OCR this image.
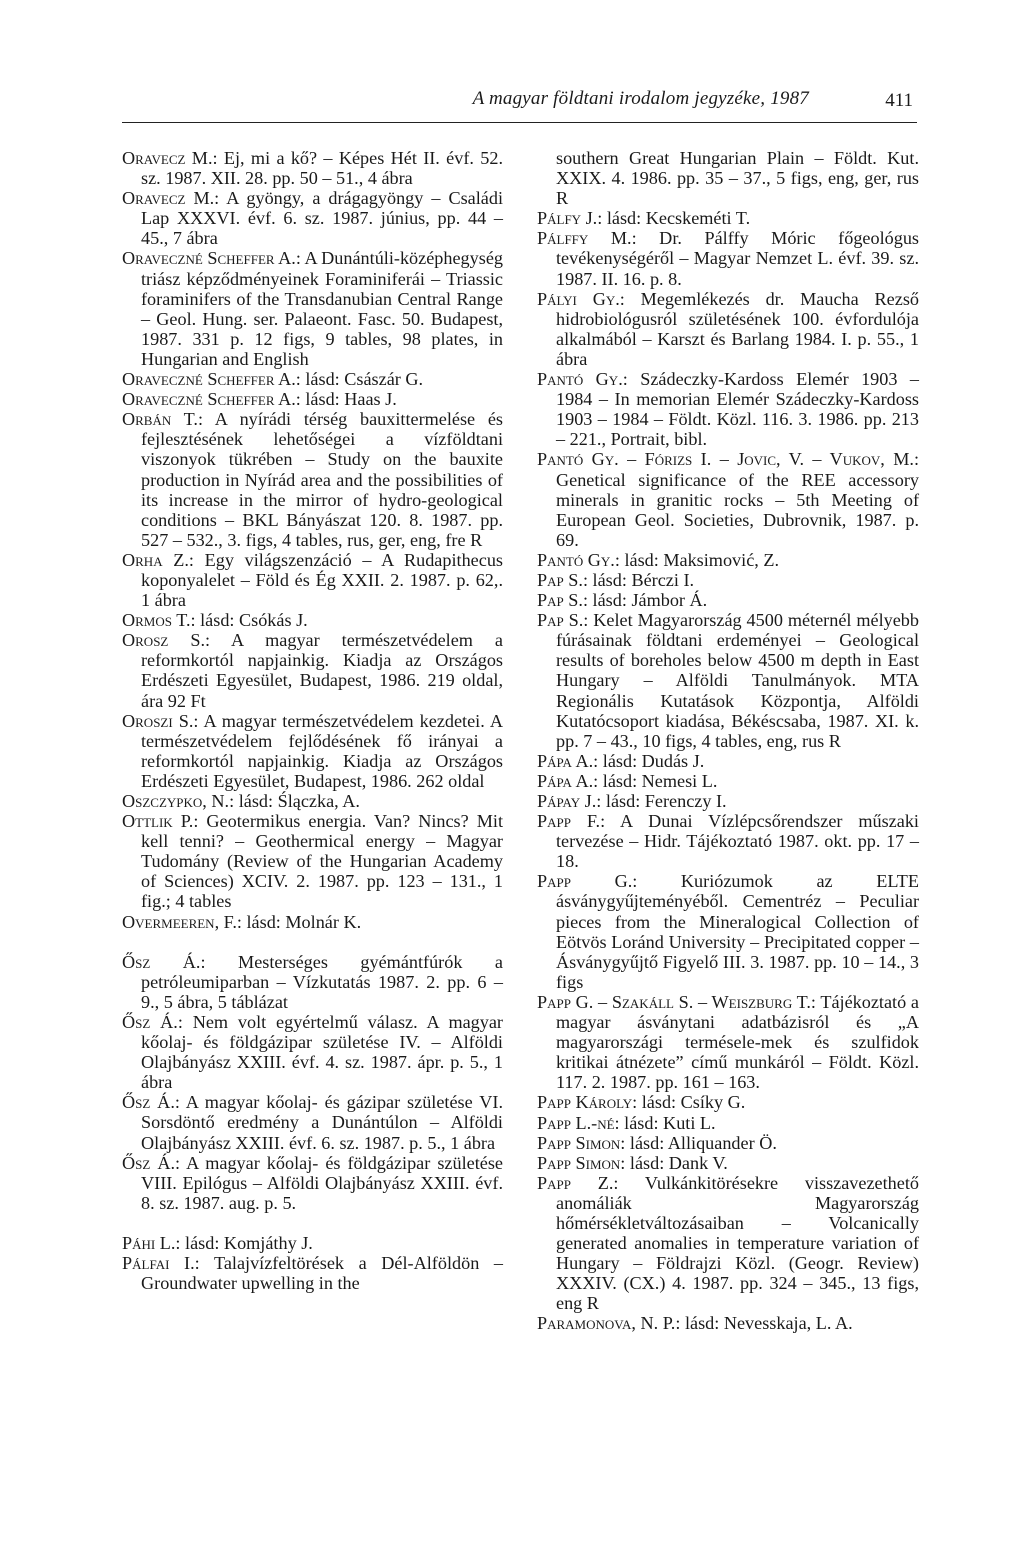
A magyar földtani irodalom jegyzéke, 1987	411
Oravecz M.: Ej, mi a kő? – Képes Hét II. évf. 52. sz. 1987. XII. 28. pp. 50 – 51., 4 ábra
Oravecz M.: A gyöngy, a drágagyöngy – Családi Lap XXXVI. évf. 6. sz. 1987. június, pp. 44 – 45., 7 ábra
Oraveczné Scheffer A.: A Dunántúli-középhegység triász képződményeinek Foraminiferái – Triassic foraminifers of the Transdanubian Central Range – Geol. Hung. ser. Palaeont. Fasc. 50. Budapest, 1987. 331 p. 12 figs, 9 tables, 98 plates, in Hungarian and English
Oraveczné Scheffer A.: lásd: Császár G.
Oraveczné Scheffer A.: lásd: Haas J.
Orbán T.: A nyírádi térség bauxittermelése és fejlesztésének lehetőségei a vízföldtani viszonyok tükrében – Study on the bauxite production in Nyírád area and the possibilities of its increase in the mirror of hydro-geological conditions – BKL Bányászat 120. 8. 1987. pp. 527 – 532., 3. figs, 4 tables, rus, ger, eng, fre R
Orha Z.: Egy világszenzáció – A Rudapithecus koponyalelet – Föld és Ég XXII. 2. 1987. p. 62,. 1 ábra
Ormos T.: lásd: Csókás J.
Orosz S.: A magyar természetvédelem a reformkortól napjainkig. Kiadja az Országos Erdészeti Egyesület, Budapest, 1986. 219 oldal, ára 92 Ft
Oroszi S.: A magyar természetvédelem kezdetei. A természetvédelem fejlődésének fő irányai a reformkortól napjainkig. Kiadja az Országos Erdészeti Egyesület, Budapest, 1986. 262 oldal
Oszczypko, N.: lásd: Ślączka, A.
Ottlik P.: Geotermikus energia. Van? Nincs? Mit kell tenni? – Geothermical energy – Magyar Tudomány (Review of the Hungarian Academy of Sciences) XCIV. 2. 1987. pp. 123 – 131., 1 fig.; 4 tables
Overmeeren, F.: lásd: Molnár K.
Ősz Á.: Mesterséges gyémántfúrók a petróleumiparban – Vízkutatás 1987. 2. pp. 6 – 9., 5 ábra, 5 táblázat
Ősz Á.: Nem volt egyértelmű válasz. A magyar kőolaj- és földgázipar születése IV. – Alföldi Olajbányász XXIII. évf. 4. sz. 1987. ápr. p. 5., 1 ábra
Ősz Á.: A magyar kőolaj- és gázipar születése VI. Sorsdöntő eredmény a Dunántúlon – Alföldi Olajbányász XXIII. évf. 6. sz. 1987. p. 5., 1 ábra
Ősz Á.: A magyar kőolaj- és földgázipar születése VIII. Epilógus – Alföldi Olajbányász XXIII. évf. 8. sz. 1987. aug. p. 5.
Páhi L.: lásd: Komjáthy J.
Pálfai I.: Talajvízfeltörések a Dél-Alföldön – Groundwater upwelling in the
southern Great Hungarian Plain – Földt. Kut. XXIX. 4. 1986. pp. 35 – 37., 5 figs, eng, ger, rus R
Pálfy J.: lásd: Kecskeméti T.
Pálffy M.: Dr. Pálffy Móric főgeológus tevékenységéről – Magyar Nemzet L. évf. 39. sz. 1987. II. 16. p. 8.
Pályi Gy.: Megemlékezés dr. Maucha Rezső hidrobiológusról születésének 100. évfordulója alkalmából – Karszt és Barlang 1984. I. p. 55., 1 ábra
Pantó Gy.: Szádeczky-Kardoss Elemér 1903 – 1984 – In memorian Elemér Szádeczky-Kardoss 1903 – 1984 – Földt. Közl. 116. 3. 1986. pp. 213 – 221., Portrait, bibl.
Pantó Gy. – Fórizs I. – Jovic, V. – Vukov, M.: Genetical significance of the REE accessory minerals in granitic rocks – 5th Meeting of European Geol. Societies, Dubrovnik, 1987. p. 69.
Pantó Gy.: lásd: Maksimović, Z.
Pap S.: lásd: Bérczi I.
Pap S.: lásd: Jámbor Á.
Pap S.: Kelet Magyarország 4500 méternél mélyebb fúrásainak földtani erdeményei – Geological results of boreholes below 4500 m depth in East Hungary – Alföldi Tanulmányok. MTA Regionális Kutatások Központja, Alföldi Kutatócsoport kiadása, Békéscsaba, 1987. XI. k. pp. 7 – 43., 10 figs, 4 tables, eng, rus R
Pápa A.: lásd: Dudás J.
Pápa A.: lásd: Nemesi L.
Pápay J.: lásd: Ferenczy I.
Papp F.: A Dunai Vízlépcsőrendszer műszaki tervezése – Hidr. Tájékoztató 1987. okt. pp. 17 – 18.
Papp G.: Kuriózumok az ELTE ásványgyűjteményéből. Cementréz – Peculiar pieces from the Mineralogical Collection of Eötvös Loránd University – Precipitated copper – Ásványgyűjtő Figyelő III. 3. 1987. pp. 10 – 14., 3 figs
Papp G. – Szakáll S. – Weiszburg T.: Tájékoztató a magyar ásványtani adatbázisról és „A magyarországi termésele-mek és szulfidok kritikai átnézete” című munkáról – Földt. Közl. 117. 2. 1987. pp. 161 – 163.
Papp Károly: lásd: Csíky G.
Papp L.-né: lásd: Kuti L.
Papp Simon: lásd: Alliquander Ö.
Papp Simon: lásd: Dank V.
Papp Z.: Vulkánkitörésekre visszavezethető anomáliák Magyarország hőmérsékletváltozásaiban – Volcanically generated anomalies in temperature variation of Hungary – Földrajzi Közl. (Geogr. Review) XXXIV. (CX.) 4. 1987. pp. 324 – 345., 13 figs, eng R
Paramonova, N. P.: lásd: Nevesskaja, L. A.
